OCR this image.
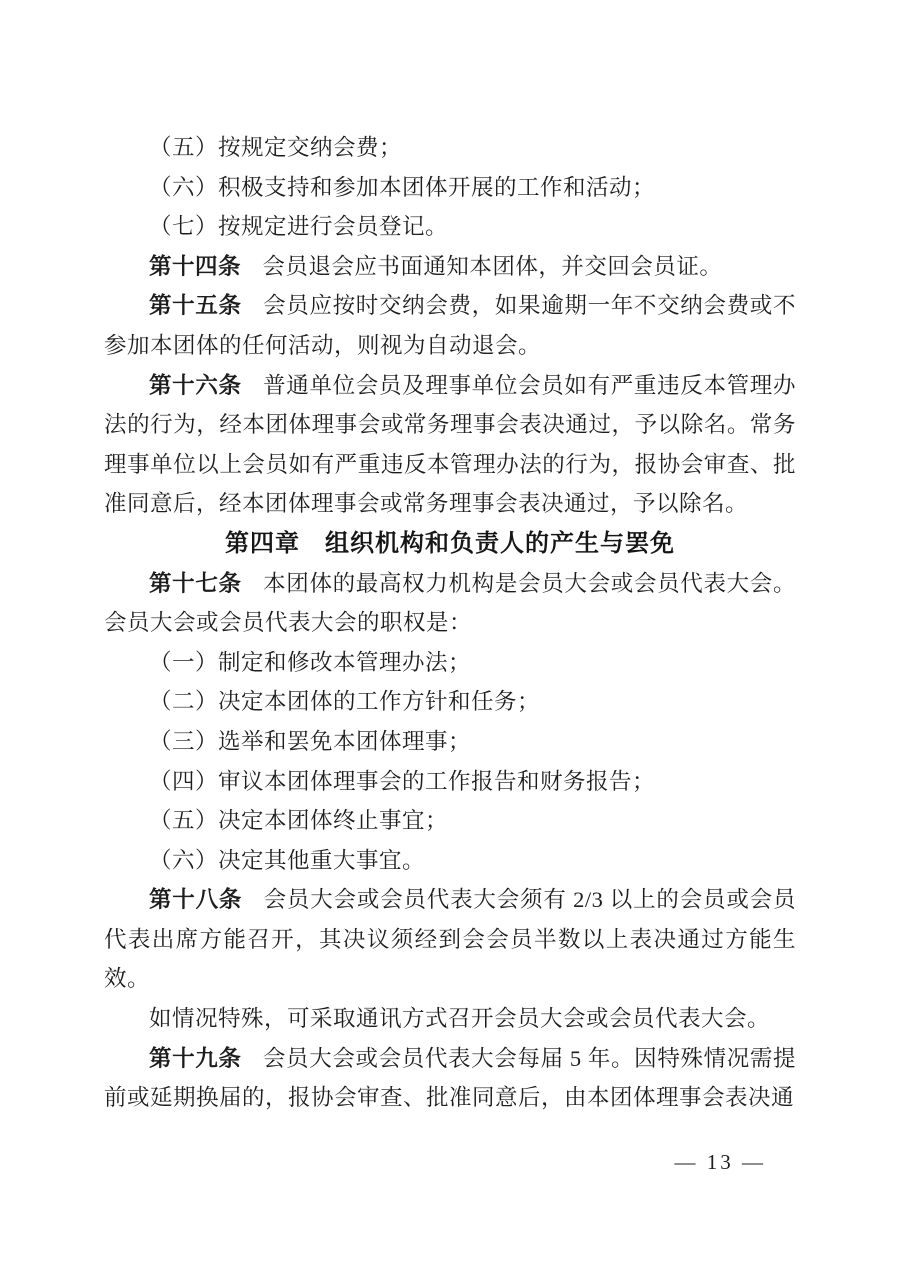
（五）按规定交纳会费；

（六）积极支持和参加本团体开展的工作和活动；

（七）按规定进行会员登记。

第十四条 会员退会应书面通知本团体，并交回会员证。

第十五条 会员应按时交纳会费，如果逾期一年不交纳会费或不参加本团体的任何活动，则视为自动退会。

第十六条 普通单位会员及理事单位会员如有严重违反本管理办法的行为，经本团体理事会或常务理事会表决通过，予以除名。常务理事单位以上会员如有严重违反本管理办法的行为，报协会审查、批准同意后，经本团体理事会或常务理事会表决通过，予以除名。

第四章　组织机构和负责人的产生与罢免

第十七条 本团体的最高权力机构是会员大会或会员代表大会。会员大会或会员代表大会的职权是：

（一）制定和修改本管理办法；

（二）决定本团体的工作方针和任务；

（三）选举和罢免本团体理事；

（四）审议本团体理事会的工作报告和财务报告；

（五）决定本团体终止事宜；

（六）决定其他重大事宜。

第十八条 会员大会或会员代表大会须有 2/3 以上的会员或会员代表出席方能召开，其决议须经到会会员半数以上表决通过方能生效。

如情况特殊，可采取通讯方式召开会员大会或会员代表大会。

第十九条 会员大会或会员代表大会每届 5 年。因特殊情况需提前或延期换届的，报协会审查、批准同意后，由本团体理事会表决通

— 13 —
